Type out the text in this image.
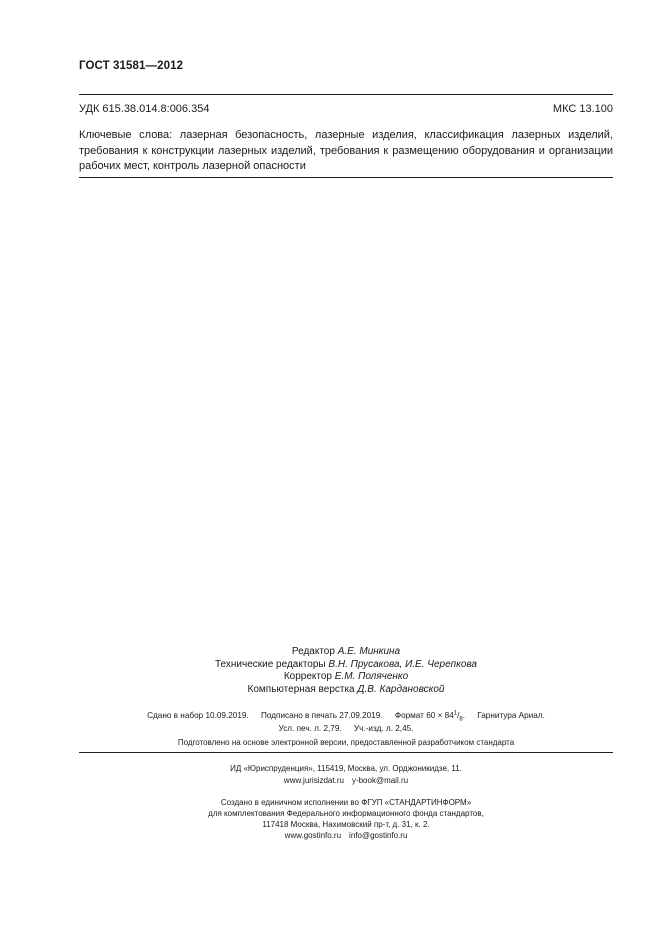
ГОСТ 31581—2012
УДК 615.38.014.8:006.354	МКС 13.100
Ключевые слова: лазерная безопасность, лазерные изделия, классификация лазерных изделий, требования к конструкции лазерных изделий, требования к размещению оборудования и организации рабочих мест, контроль лазерной опасности
Редактор А.Е. Минкина
Технические редакторы В.Н. Прусакова, И.Е. Черепкова
Корректор Е.М. Поляченко
Компьютерная верстка Д.В. Кардановской
Сдано в набор 10.09.2019. Подписано в печать 27.09.2019. Формат $60 \times 84^1/_8$. Гарнитура Ариал.
Усл. печ. л. 2,79. Уч.-изд. л. 2,45.
Подготовлено на основе электронной версии, предоставленной разработчиком стандарта
ИД «Юриспруденция», 115419, Москва, ул. Орджоникидзе, 11.
www.jurisizdat.ru y-book@mail.ru
Создано в единичном исполнении во ФГУП «СТАНДАРТИНФОРМ»
для комплектования Федерального информационного фонда стандартов,
117418 Москва, Нахимовский пр-т, д. 31, к. 2.
www.gostinfo.ru info@gostinfo.ru
